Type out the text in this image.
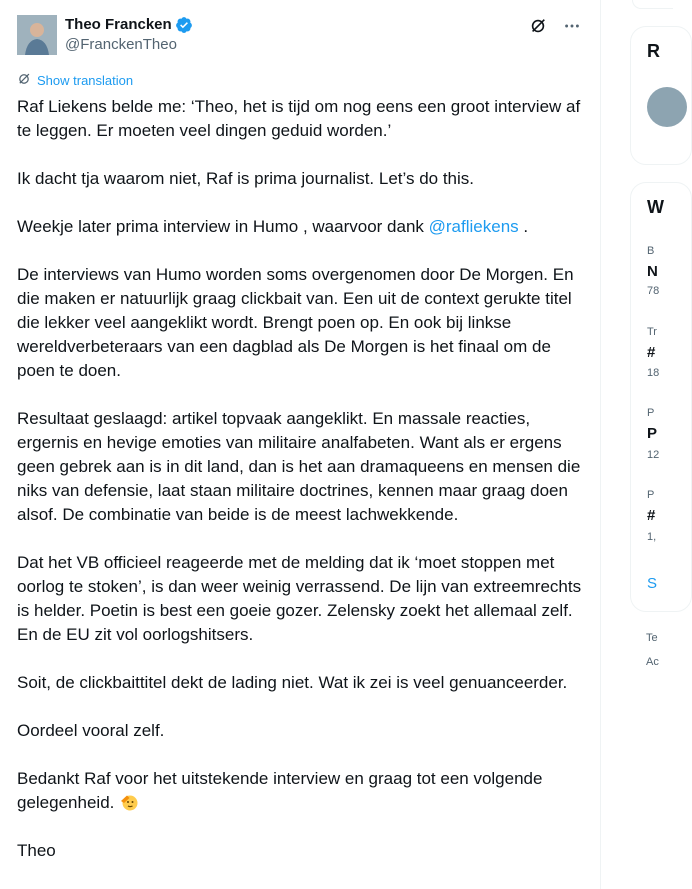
Theo Francken
@FranckenTheo
Show translation

Raf Liekens belde me: ‘Theo, het is tijd om nog eens een groot interview af te leggen. Er moeten veel dingen geduid worden.’

Ik dacht tja waarom niet, Raf is prima journalist. Let’s do this.

Weekje later prima interview in Humo , waarvoor dank @rafliekens .

De interviews van Humo worden soms overgenomen door De Morgen. En die maken er natuurlijk graag clickbait van. Een uit de context gerukte titel die lekker veel aangeklikt wordt. Brengt poen op. En ook bij linkse wereldverbeteraars van een dagblad als De Morgen is het finaal om de poen te doen.

Resultaat geslaagd: artikel topvaak aangeklikt. En massale reacties, ergernis en hevige emoties van militaire analfabeten. Want als er ergens geen gebrek aan is in dit land, dan is het aan dramaqueens en mensen die niks van defensie, laat staan militaire doctrines, kennen maar graag doen alsof. De combinatie van beide is de meest lachwekkende.

Dat het VB officieel reageerde met de melding dat ik ‘moet stoppen met oorlog te stoken’, is dan weer weinig verrassend. De lijn van extreemrechts is helder. Poetin is best een goeie gozer. Zelensky zoekt het allemaal zelf. En de EU zit vol oorlogshitsers.

Soit, de clickbaittitel dekt de lading niet. Wat ik zei is veel genuanceerder.

Oordeel vooral zelf.

Bedankt Raf voor het uitstekende interview en graag tot een volgende gelegenheid.

Theo

R
W
B
N
78
Tr
#
18
P
P
12
P
#
1,
S
Te
Ac
